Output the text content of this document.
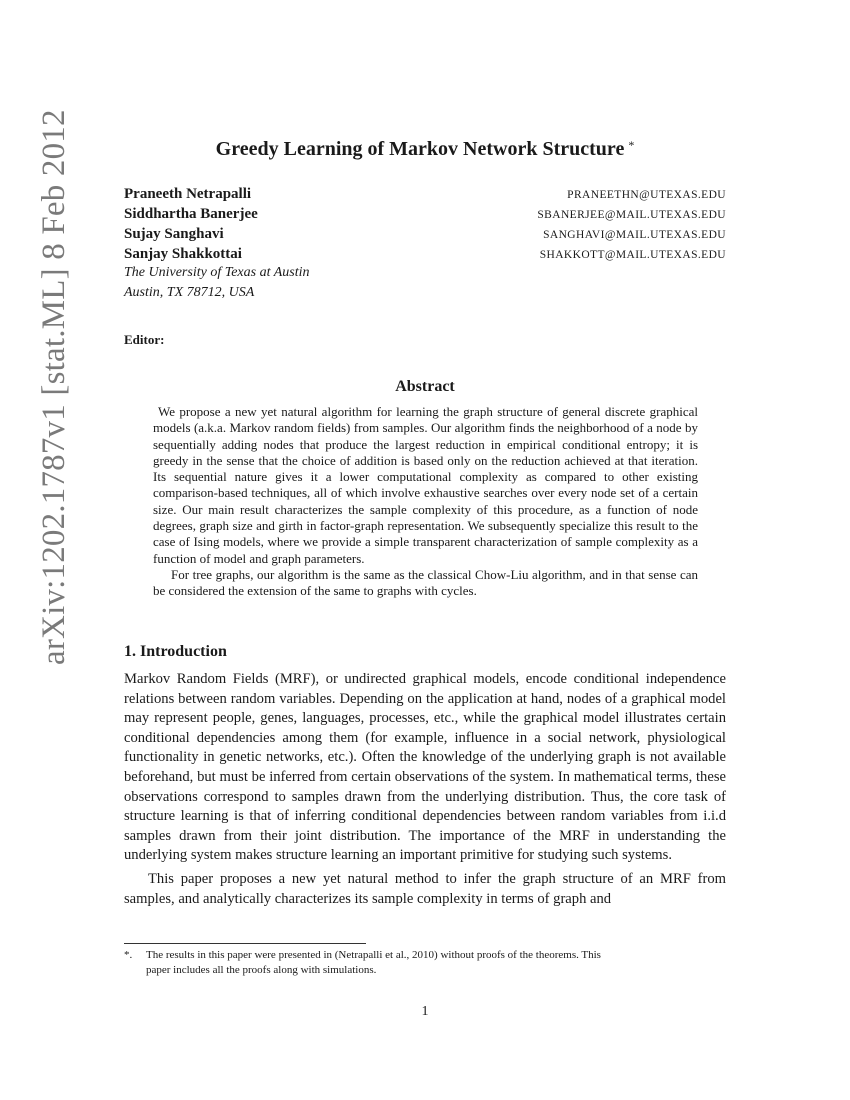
arXiv:1202.1787v1 [stat.ML] 8 Feb 2012	Greedy Learning of Markov Network Structure *
Praneeth Netrapalli	PRANEETHN@UTEXAS.EDU
Siddhartha Banerjee	SBANERJEE@MAIL.UTEXAS.EDU
Sujay Sanghavi	SANGHAVI@MAIL.UTEXAS.EDU
Sanjay Shakkottai	SHAKKOTT@MAIL.UTEXAS.EDU
The University of Texas at Austin
Austin, TX 78712, USA
Editor:
Abstract

We propose a new yet natural algorithm for learning the graph structure of general discrete graphical models (a.k.a. Markov random fields) from samples. Our algorithm finds the neighborhood of a node by sequentially adding nodes that produce the largest reduction in empirical conditional entropy; it is greedy in the sense that the choice of addition is based only on the reduction achieved at that iteration. Its sequential nature gives it a lower computational complexity as compared to other existing comparison-based techniques, all of which involve exhaustive searches over every node set of a certain size. Our main result characterizes the sample complexity of this procedure, as a function of node degrees, graph size and girth in factor-graph representation. We subsequently specialize this result to the case of Ising models, where we provide a simple transparent characterization of sample complexity as a function of model and graph parameters.

For tree graphs, our algorithm is the same as the classical Chow-Liu algorithm, and in that sense can be considered the extension of the same to graphs with cycles.

1. Introduction

Markov Random Fields (MRF), or undirected graphical models, encode conditional independence relations between random variables. Depending on the application at hand, nodes of a graphical model may represent people, genes, languages, processes, etc., while the graphical model illustrates certain conditional dependencies among them (for example, influence in a social network, physiological functionality in genetic networks, etc.). Often the knowledge of the underlying graph is not available beforehand, but must be inferred from certain observations of the system. In mathematical terms, these observations correspond to samples drawn from the underlying distribution. Thus, the core task of structure learning is that of inferring conditional dependencies between random variables from i.i.d samples drawn from their joint distribution. The importance of the MRF in understanding the underlying system makes structure learning an important primitive for studying such systems.

This paper proposes a new yet natural method to infer the graph structure of an MRF from samples, and analytically characterizes its sample complexity in terms of graph and

*. The results in this paper were presented in (Netrapalli et al., 2010) without proofs of the theorems. This
paper includes all the proofs along with simulations.
1
